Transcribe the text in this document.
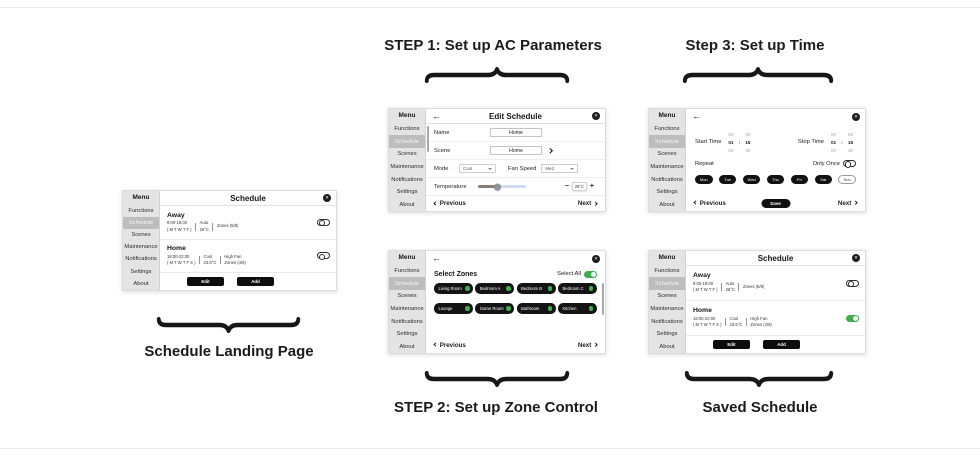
STEP 1: Set up AC Parameters	Step 3: Set up Time
STEP 2: Set up Zone Control	Saved Schedule
Schedule Landing Page
Menu
Functions
Schedule
Scenes
Maintenance
Notifications
Settings
About
Schedule	✕
Away
9:00-18:00
( M T W T F )
Auto
26°C
Zones (5/8)
Home
18:00-22:00
( M T W T F S )
Cool
23.5°C
High Fan
Zones (4/8)
Edit	Add
Menu
Functions
Schedule
Scenes
Maintenance
Notifications
Settings
About
←	Edit Schedule	✕
Name	Home
Scene	Home
Mode	Cool	Fan Speed Med
Temperature	−	26°C +
Previous	Next
Menu
Functions
Schedule
Scenes
Maintenance
Notifications
Settings
About
←	✕
Start Time
00	00
01	:	15
02	30
Stop Time
00	00
01	:	15
02	30
Repeat	Only Once
Mon	Tue	Wed	Thu	Fri	Sat	Sun
Previous	Save	Next
Menu
Functions
Schedule
Scenes
Maintenance
Notifications
Settings
About
←	✕
Select Zones	Select All
Living Room	Bedroom A	Bedroom B	Bedroom C
Lounge	Game Room	Bathroom	Kitchen
Previous	Next
Menu
Functions
Schedule
Scenes
Maintenance
Notifications
Settings
About
Schedule	✕
Away
9:00-18:00
( M T W T F )
Auto
26°C
Zones (5/8)
Home
18:00-22:00
( M T W T F S )
Cool
23.5°C
High Fan
Zones (4/8)
Edit	Add
